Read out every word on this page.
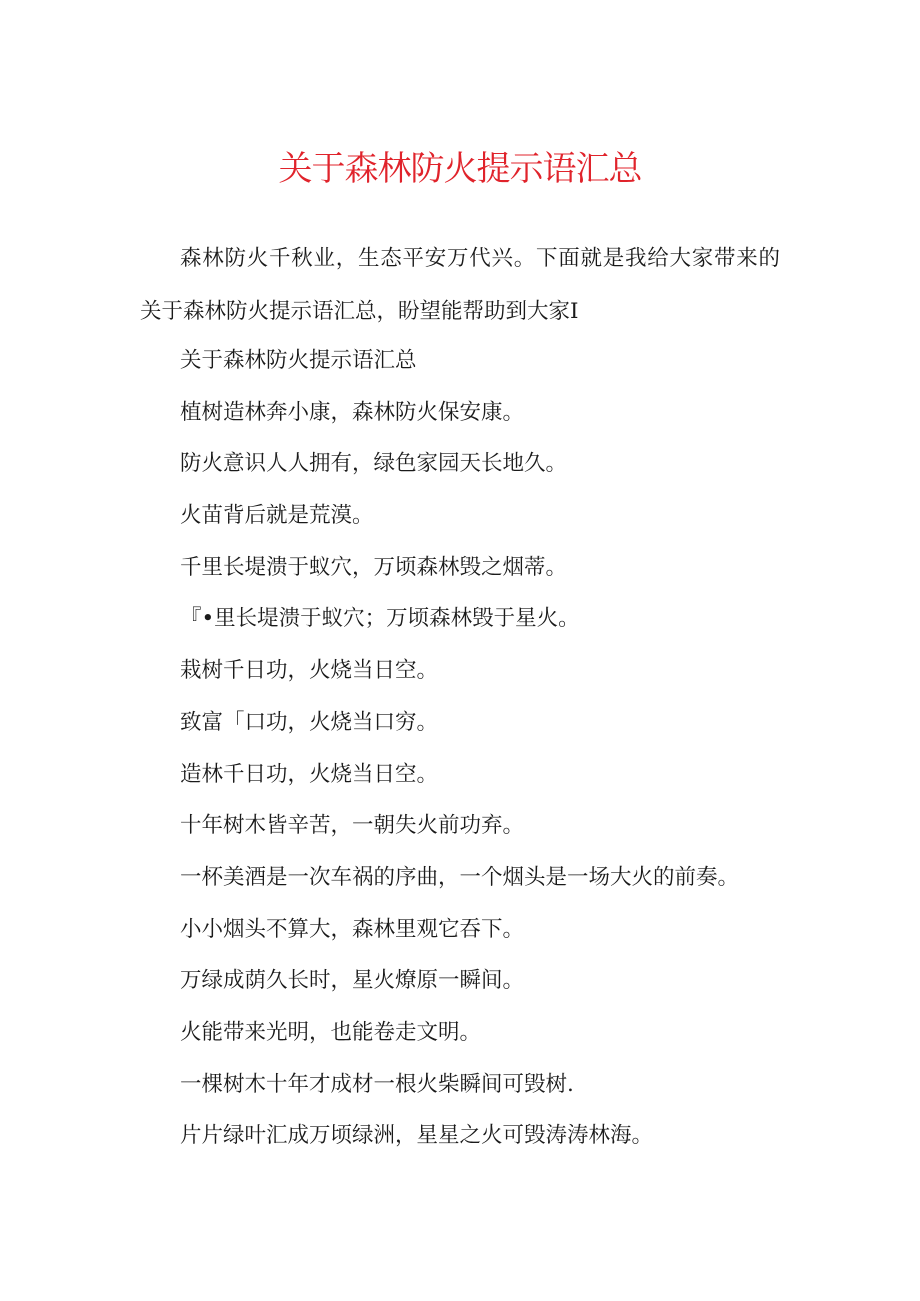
关于森林防火提示语汇总

森林防火千秋业，生态平安万代兴。下面就是我给大家带来的关于森林防火提示语汇总，盼望能帮助到大家Ⅰ

关于森林防火提示语汇总
植树造林奔小康，森林防火保安康。
防火意识人人拥有，绿色家园天长地久。
火苗背后就是荒漠。
千里长堤溃于蚁穴，万顷森林毁之烟蒂。
『•里长堤溃于蚁穴；万顷森林毁于星火。
栽树千日功，火烧当日空。
致富「口功，火烧当口穷。
造林千日功，火烧当日空。
十年树木皆辛苦，一朝失火前功弃。
一杯美酒是一次车祸的序曲，一个烟头是一场大火的前奏。
小小烟头不算大，森林里观它吞下。
万绿成荫久长时，星火燎原一瞬间。
火能带来光明，也能卷走文明。
一棵树木十年才成材一根火柴瞬间可毁树.
片片绿叶汇成万顷绿洲，星星之火可毁涛涛林海。
